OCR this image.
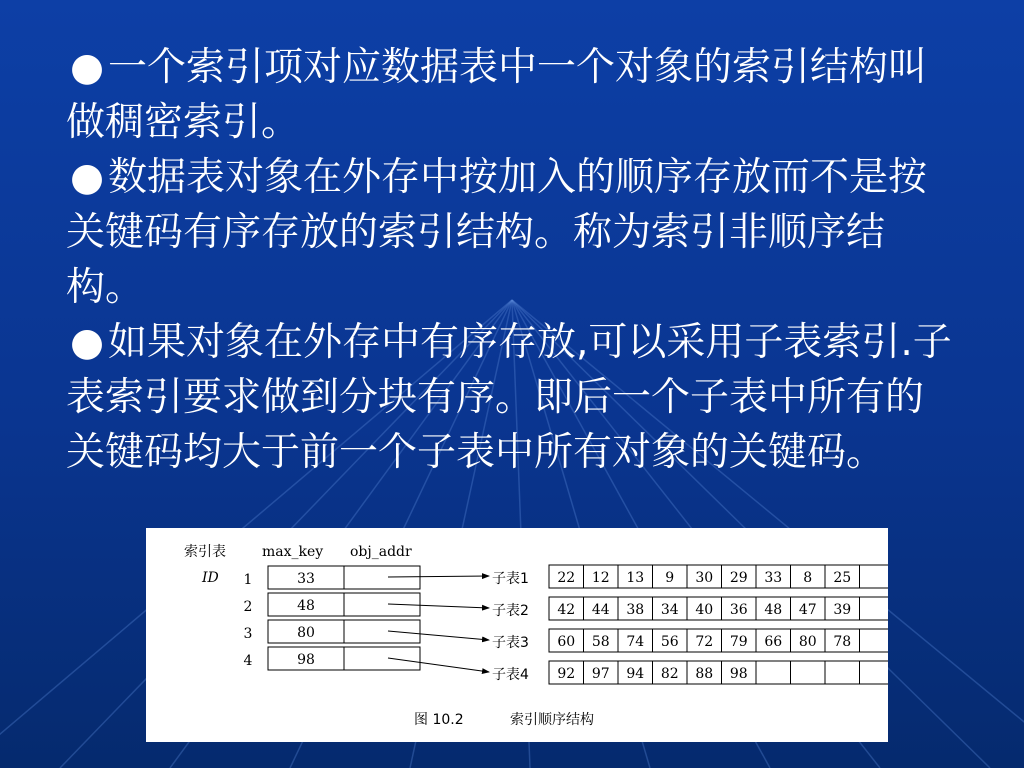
● 一个索引项对应数据表中一个对象的索引结构叫做稠密索引。

● 数据表对象在外存中按加入的顺序存放而不是按关键码有序存放的索引结构。称为索引非顺序结构。

● 如果对象在外存中有序存放,可以采用子表索引.子表索引要求做到分块有序。即后一个子表中所有的关键码均大于前一个子表中所有对象的关键码。

索引表	max_key obj_addr
ID
图 10.2	索引顺序结构
1	33
2	48
3	80
4	98
子表1 22 12 13 9 30 29 33 8 25
子表2 42 44 38 34 40 36 48 47 39
子表3 60 58 74 56 72 79 66 80 78
子表4 92 97 94 82 88 98
